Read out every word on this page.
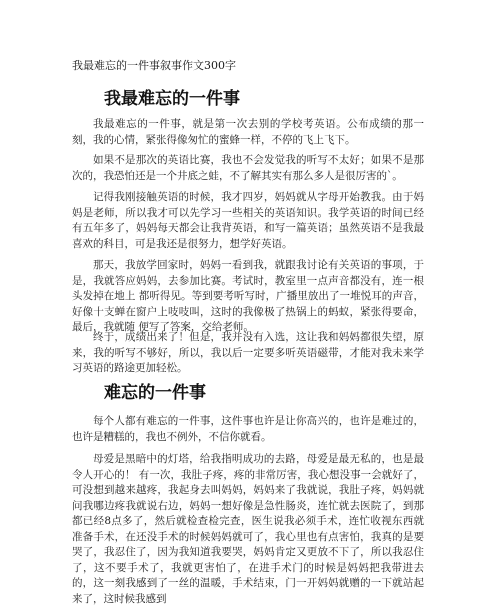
我最难忘的一件事叙事作文300字
我最难忘的一件事

我最难忘的一件事，就是第一次去别的学校考英语。公布成绩的那一刻，我的心情，紧张得像匆忙的蜜蜂一样，不停的飞上飞下。

如果不是那次的英语比赛，我也不会发觉我的听写不太好；如果不是那次的，我恐怕还是一个井底之蛙，不了解其实有那么多人是很厉害的`。

记得我刚接触英语的时候，我才四岁，妈妈就从字母开始教我。由于妈妈是老师，所以我才可以先学习一些相关的英语知识。我学英语的时间已经有五年多了，妈妈每天都会让我背英语，和写一篇英语；虽然英语不是我最喜欢的科目，可是我还是很努力，想学好英语。

那天，我放学回家时，妈妈一看到我，就跟我讨论有关英语的事项，于是，我就答应妈妈，去参加比赛。考试时，教室里一点声音都没有，连一根头发掉在地上 都听得见。等到要考听写时，广播里放出了一堆悦耳的声音，好像十支蝉在窗户上吱吱叫，这时的我像极了热锅上的蚂蚁，紧张得要命，最后，我就随 便写了答案，交给老师。

终于，成绩出来了！但是，我并没有入选，这让我和妈妈都很失望，原来，我的听写不够好，所以，我以后一定要多听英语磁带，才能对我未来学习英语的路途更加轻松。

难忘的一件事

每个人都有难忘的一件事，这件事也许是让你高兴的，也许是难过的，也许是糟糕的，我也不例外，不信你就看。

母爱是黑暗中的灯塔，给我指明成功的去路，母爱是最无私的，也是最令人开心的！ 有一次，我肚子疼，疼的非常厉害，我心想没事一会就好了，可没想到越来越疼，我起身去叫妈妈，妈妈来了我就说，我肚子疼，妈妈就问我哪边疼我就说右边，妈妈一想好像是急性肠炎，连忙就去医院了，到那都已经8点多了，然后就检查检完查，医生说我必须手术，连忙收视东西就准备手术，在还没手术的时候妈妈就可了，我心里也有点害怕，我真的是要哭了，我忍住了，因为我知道我要哭，妈妈肯定又更放不下了，所以我忍住了，这不要手术了，我就更害怕了，在进手术门的时候是妈妈把我带进去的，这一刻我感到了一丝的温暖，手术结束，门一开妈妈就赠的一下就站起来了，这时候我感到
